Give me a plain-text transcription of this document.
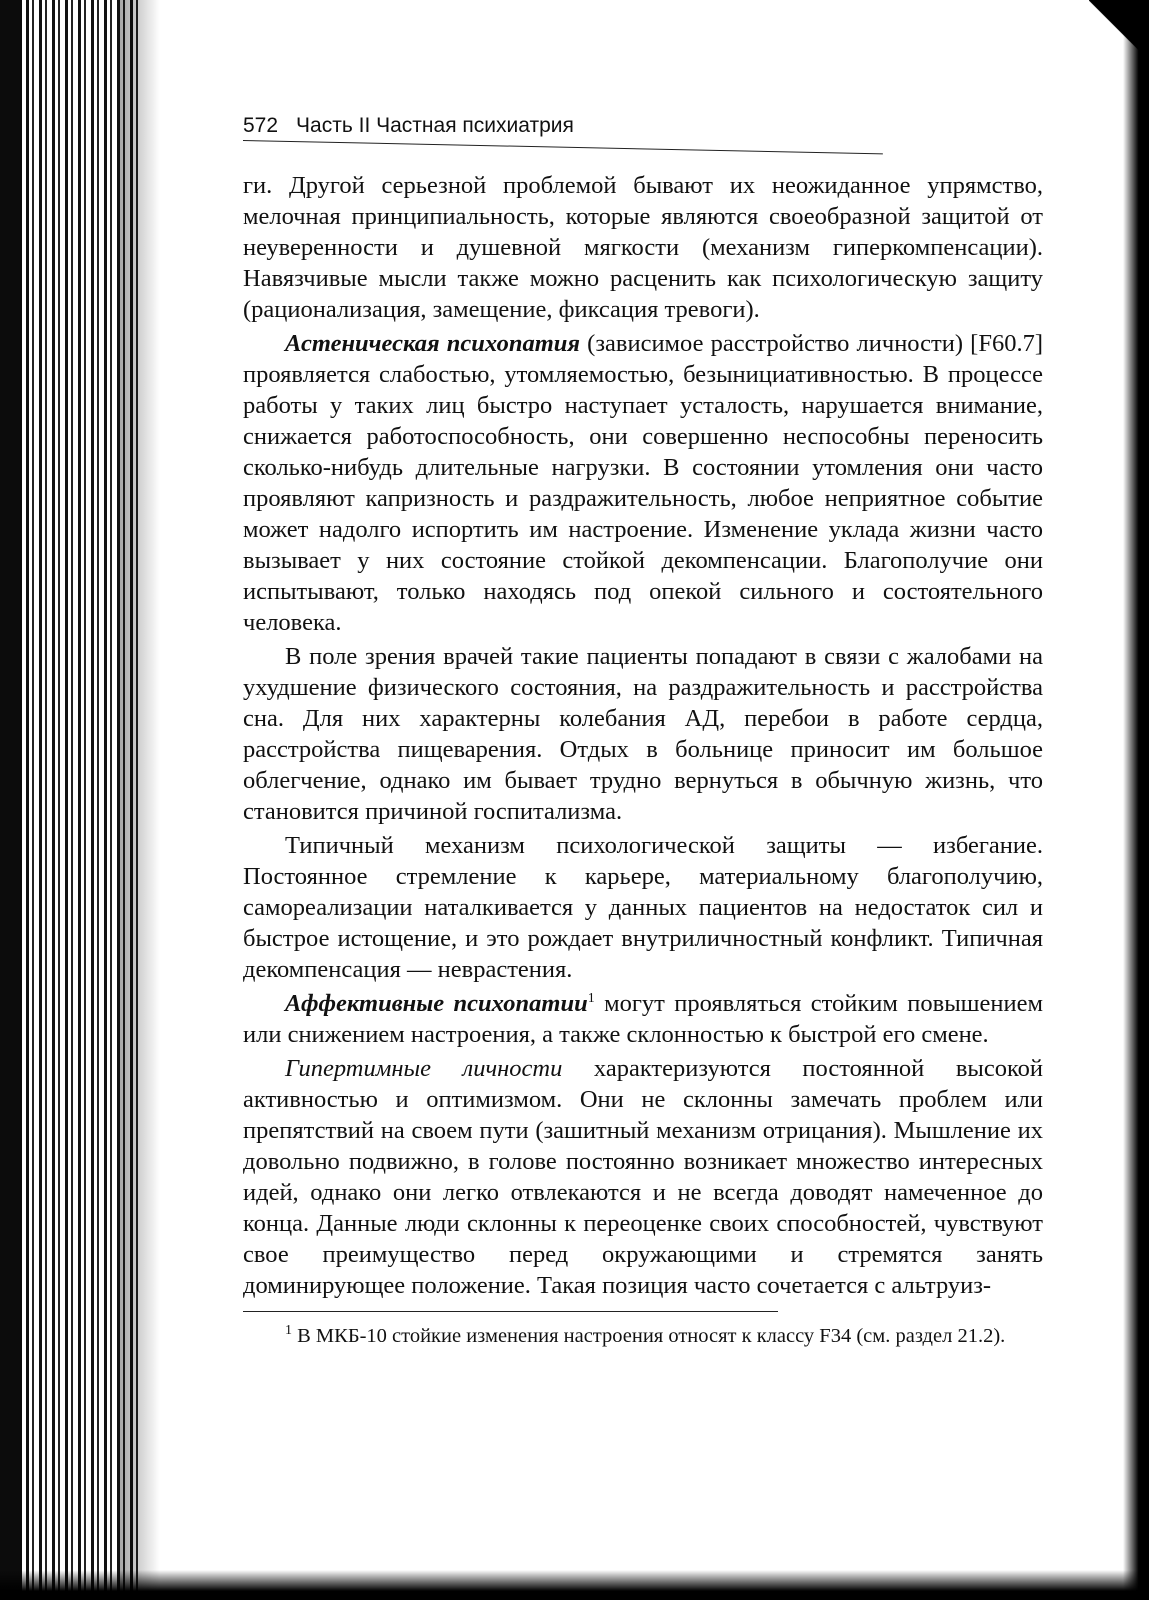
572 Часть II Частная психиатрия

ги. Другой серьезной проблемой бывают их неожиданное упрямство, мелочная принципиальность, которые являются своеобразной защитой от неуверенности и душевной мягкости (механизм гиперкомпенсации). Навязчивые мысли также можно расценить как психологическую защиту (рационализация, замещение, фиксация тревоги).

Астеническая психопатия (зависимое расстройство личности) [F60.7] проявляется слабостью, утомляемостью, безынициативностью. В процессе работы у таких лиц быстро наступает усталость, нарушается внимание, снижается работоспособность, они совершенно неспособны переносить сколько-нибудь длительные нагрузки. В состоянии утомления они часто проявляют капризность и раздражительность, любое неприятное событие может надолго испортить им настроение. Изменение уклада жизни часто вызывает у них состояние стойкой декомпенсации. Благополучие они испытывают, только находясь под опекой сильного и состоятельного человека.

В поле зрения врачей такие пациенты попадают в связи с жалобами на ухудшение физического состояния, на раздражительность и расстройства сна. Для них характерны колебания АД, перебои в работе сердца, расстройства пищеварения. Отдых в больнице приносит им большое облегчение, однако им бывает трудно вернуться в обычную жизнь, что становится причиной госпитализма.

Типичный механизм психологической защиты — избегание. Постоянное стремление к карьере, материальному благополучию, самореализации наталкивается у данных пациентов на недостаток сил и быстрое истощение, и это рождает внутриличностный конфликт. Типичная декомпенсация — неврастения.

Аффективные психопатии$^1$ могут проявляться стойким повышением или снижением настроения, а также склонностью к быстрой его смене.

Гипертимные личности характеризуются постоянной высокой активностью и оптимизмом. Они не склонны замечать проблем или препятствий на своем пути (зашитный механизм отрицания). Мышление их довольно подвижно, в голове постоянно возникает множество интересных идей, однако они легко отвлекаются и не всегда доводят намеченное до конца. Данные люди склонны к переоценке своих способностей, чувствуют свое преимущество перед окружающими и стремятся занять доминирующее положение. Такая позиция часто сочетается с альтруиз-

$^1$ В МКБ-10 стойкие изменения настроения относят к классу F34 (см. раздел 21.2).
